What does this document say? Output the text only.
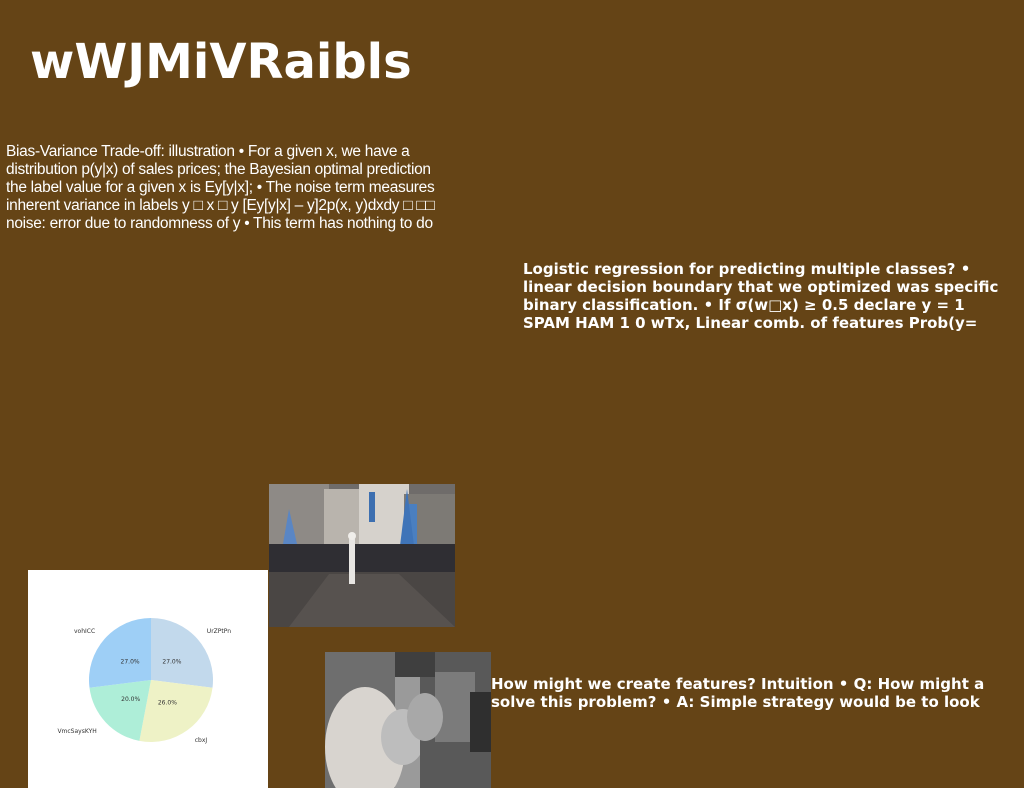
wWJMiVRaibls
Bias-Variance Trade-off: illustration • For a given x, we have a
distribution p(y|x) of sales prices; the Bayesian optimal prediction
the label value for a given x is Ey[y|x]; • The noise term measures
inherent variance in labels y □ x □ y [Ey[y|x] – y]2p(x, y)dxdy □ □□
noise: error due to randomness of y • This term has nothing to do
Logistic regression for predicting multiple classes? •
linear decision boundary that we optimized was specific
binary classification. • If σ(w□x) ≥ 0.5 declare y = 1
SPAM HAM 1 0 wTx, Linear comb. of features Prob(y=
27.0%
UrZPtPn
26.0%
cbxJ
20.0%
VmcSaysKYH
27.0%
vohICC
How might we create features? Intuition • Q: How might a
solve this problem? • A: Simple strategy would be to look
